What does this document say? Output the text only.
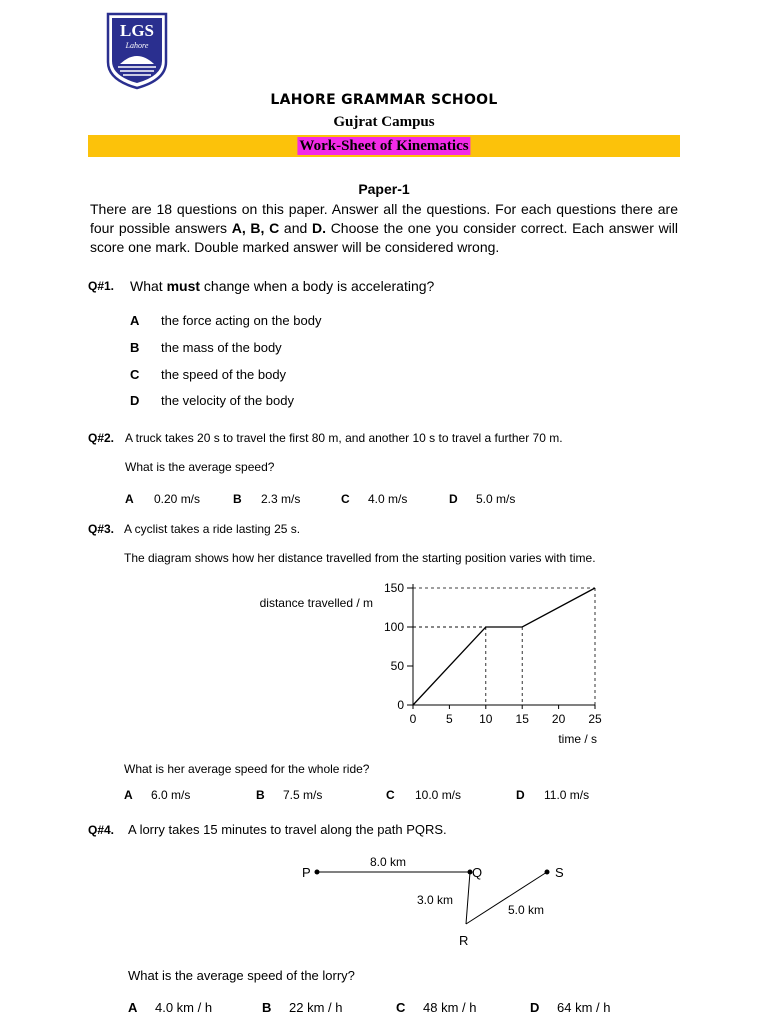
LGS
Lahore
LAHORE GRAMMAR SCHOOL
Gujrat Campus
Work-Sheet of Kinematics
Paper-1
There are 18 questions on this paper. Answer all the questions. For each questions there are four possible answers A, B, C and D. Choose the one you consider correct. Each answer will score one mark. Double marked answer will be considered wrong.
Q#1. What must change when a body is accelerating?
A the force acting on the body
B the mass of the body
C the speed of the body
D the velocity of the body
Q#2. A truck takes 20 s to travel the first 80 m, and another 10 s to travel a further 70 m.
What is the average speed?
A 0.20 m/s	B 2.3 m/s	C 4.0 m/s	D 5.0 m/s
Q#3. A cyclist takes a ride lasting 25 s.
The diagram shows how her distance travelled from the starting position varies with time.
0
50
100
150
0 5 10 15 20 25
distance travelled / m
time / s
What is her average speed for the whole ride?
A 6.0 m/s	B 7.5 m/s	C 10.0 m/s	D 11.0 m/s
Q#4. A lorry takes 15 minutes to travel along the path PQRS.
P	Q	S
R
8.0 km
3.0 km
5.0 km
What is the average speed of the lorry?
A 4.0 km / h	B 22 km / h	C 48 km / h	D 64 km / h
